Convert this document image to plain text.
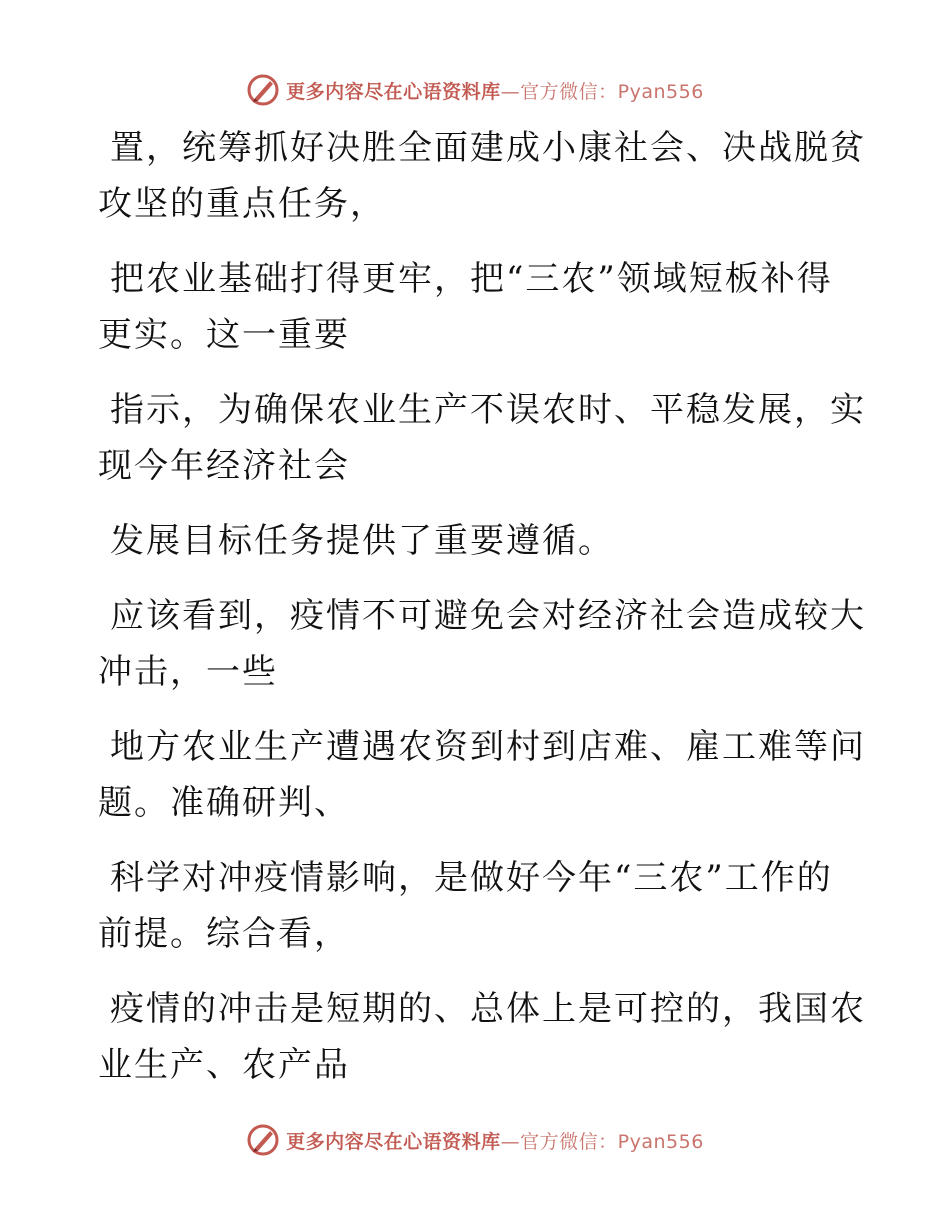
更多内容尽在心语资料库—官方微信：Pyan556

置，统筹抓好决胜全面建成小康社会、决战脱贫
攻坚的重点任务，

把农业基础打得更牢，把“三农”领域短板补得
更实。这一重要

指示，为确保农业生产不误农时、平稳发展，实
现今年经济社会

发展目标任务提供了重要遵循。

应该看到，疫情不可避免会对经济社会造成较大
冲击，一些

地方农业生产遭遇农资到村到店难、雇工难等问
题。准确研判、

科学对冲疫情影响，是做好今年“三农”工作的
前提。综合看，

疫情的冲击是短期的、总体上是可控的，我国农
业生产、农产品

更多内容尽在心语资料库—官方微信：Pyan556
